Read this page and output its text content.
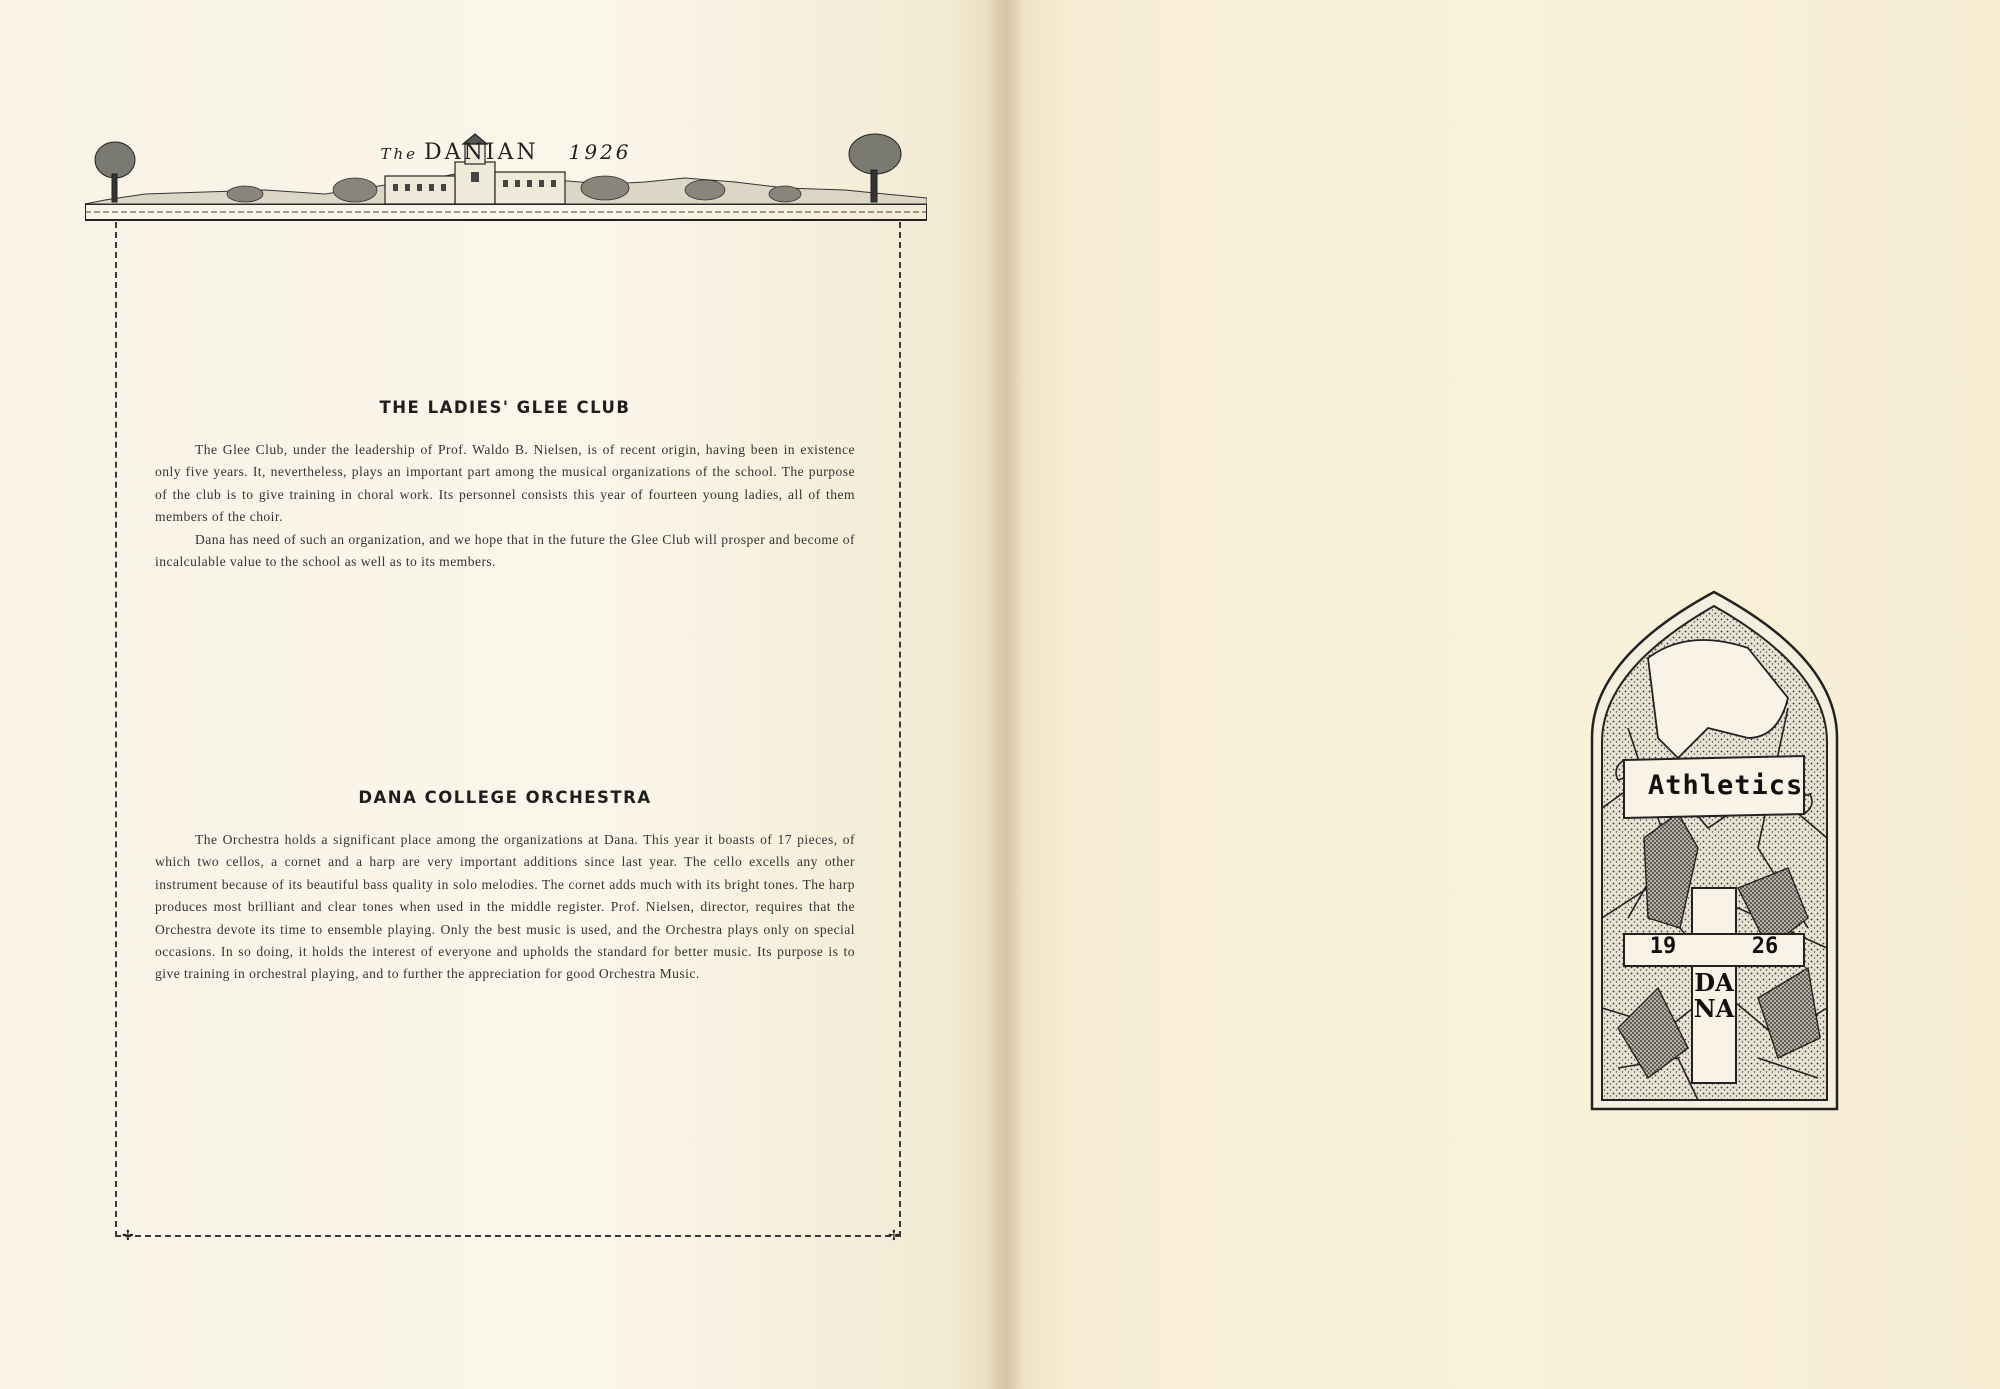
The DANIAN 1926
✢	✢
THE LADIES' GLEE CLUB

The Glee Club, under the leadership of Prof. Waldo B. Nielsen, is of recent origin, having been in existence only five years. It, nevertheless, plays an important part among the musical organizations of the school. The purpose of the club is to give training in choral work. Its personnel consists this year of fourteen young ladies, all of them members of the choir.

Dana has need of such an organization, and we hope that in the future the Glee Club will prosper and become of incalculable value to the school as well as to its members.

DANA COLLEGE ORCHESTRA

The Orchestra holds a significant place among the organizations at Dana. This year it boasts of 17 pieces, of which two cellos, a cornet and a harp are very important additions since last year. The cello excells any other instrument because of its beautiful bass quality in solo melodies. The cornet adds much with its bright tones. The harp produces most brilliant and clear tones when used in the middle register. Prof. Nielsen, director, requires that the Orchestra devote its time to ensemble playing. Only the best music is used, and the Orchestra plays only on special occasions. In so doing, it holds the interest of everyone and upholds the standard for better music. Its purpose is to give training in orchestral playing, and to further the appreciation for good Orchestra Music.

Athletics
19	26
DANA
